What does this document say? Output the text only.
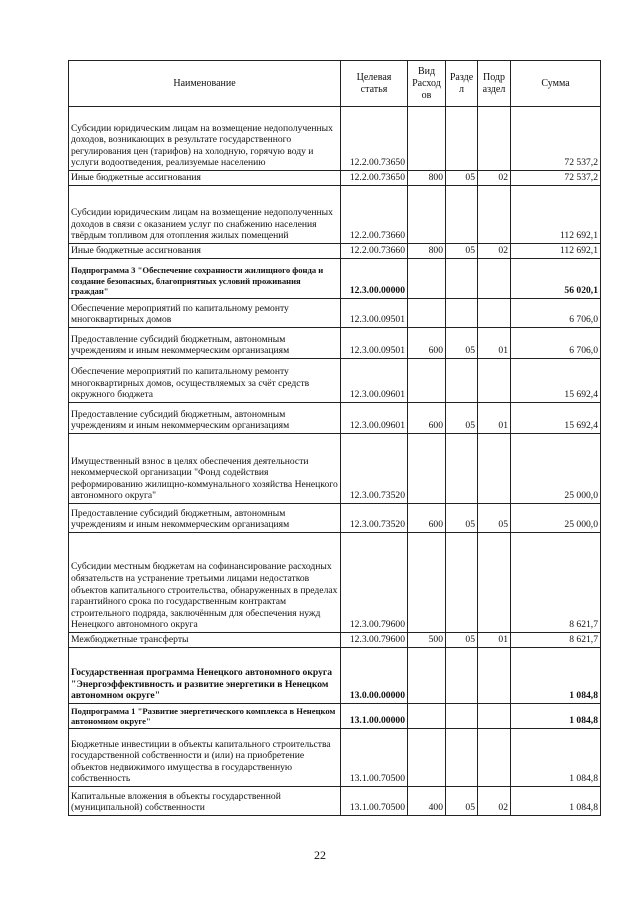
Наименование	Целевая статья	Вид Расход ов	Разде л	Подр аздел	Сумма
Субсидии юридическим лицам на возмещение недополученных доходов, возникающих в результате государственного регулирования цен (тарифов) на холодную, горячую воду и услуги водоотведения, реализуемые населению	12.2.00.73650				72 537,2
Иные бюджетные ассигнования	12.2.00.73650	800	05	02	72 537,2
Субсидии юридическим лицам на возмещение недополученных доходов в связи с оказанием услуг по снабжению населения твёрдым топливом для отопления жилых помещений	12.2.00.73660				112 692,1
Иные бюджетные ассигнования	12.2.00.73660	800	05	02	112 692,1
Подпрограмма 3 "Обеспечение сохранности жилищного фонда и создание безопасных, благоприятных условий проживания граждан"	12.3.00.00000				56 020,1
Обеспечение мероприятий по капитальному ремонту многоквартирных домов	12.3.00.09501				6 706,0
Предоставление субсидий бюджетным, автономным учреждениям и иным некоммерческим организациям	12.3.00.09501	600	05	01	6 706,0
Обеспечение мероприятий по капитальному ремонту многоквартирных домов, осуществляемых за счёт средств окружного бюджета	12.3.00.09601				15 692,4
Предоставление субсидий бюджетным, автономным учреждениям и иным некоммерческим организациям	12.3.00.09601	600	05	01	15 692,4
Имущественный взнос в целях обеспечения деятельности некоммерческой организации "Фонд содействия реформированию жилищно-коммунального хозяйства Ненецкого автономного округа"	12.3.00.73520				25 000,0
Предоставление субсидий бюджетным, автономным учреждениям и иным некоммерческим организациям	12.3.00.73520	600	05	05	25 000,0
Субсидии местным бюджетам на софинансирование расходных обязательств на устранение третьими лицами недостатков объектов капитального строительства, обнаруженных в пределах гарантийного срока по государственным контрактам строительного подряда, заключённым для обеспечения нужд Ненецкого автономного округа	12.3.00.79600				8 621,7
Межбюджетные трансферты	12.3.00.79600	500	05	01	8 621,7
Государственная программа Ненецкого автономного округа "Энергоэффективность и развитие энергетики в Ненецком автономном округе"	13.0.00.00000				1 084,8
Подпрограмма 1 "Развитие энергетического комплекса в Ненецком автономном округе"	13.1.00.00000				1 084,8
Бюджетные инвестиции в объекты капитального строительства государственной собственности и (или) на приобретение объектов недвижимого имущества в государственную собственность	13.1.00.70500				1 084,8
Капитальные вложения в объекты государственной (муниципальной) собственности	13.1.00.70500	400	05	02	1 084,8
22
